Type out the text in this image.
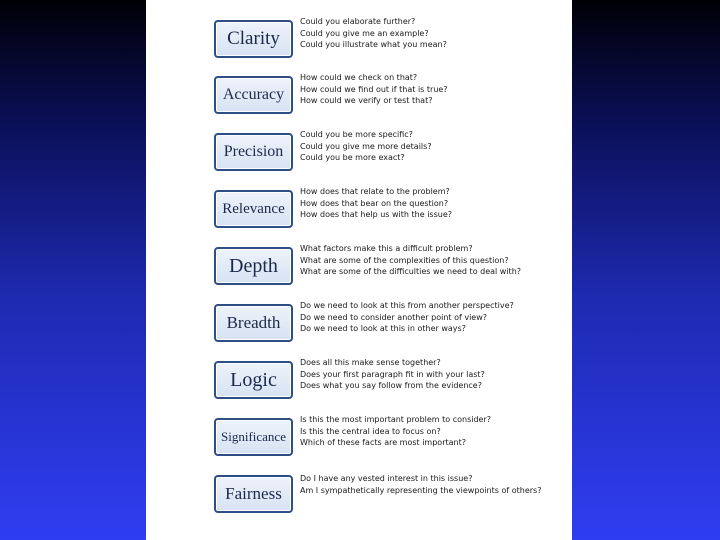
Clarity
Could you elaborate further?
Could you give me an example?
Could you illustrate what you mean?
Accuracy
How could we check on that?
How could we find out if that is true?
How could we verify or test that?
Precision
Could you be more specific?
Could you give me more details?
Could you be more exact?
Relevance
How does that relate to the problem?
How does that bear on the question?
How does that help us with the issue?
Depth
What factors make this a difficult problem?
What are some of the complexities of this question?
What are some of the difficulties we need to deal with?
Breadth
Do we need to look at this from another perspective?
Do we need to consider another point of view?
Do we need to look at this in other ways?
Logic
Does all this make sense together?
Does your first paragraph fit in with your last?
Does what you say follow from the evidence?
Significance
Is this the most important problem to consider?
Is this the central idea to focus on?
Which of these facts are most important?
Fairness
Do I have any vested interest in this issue?
Am I sympathetically representing the viewpoints of others?
